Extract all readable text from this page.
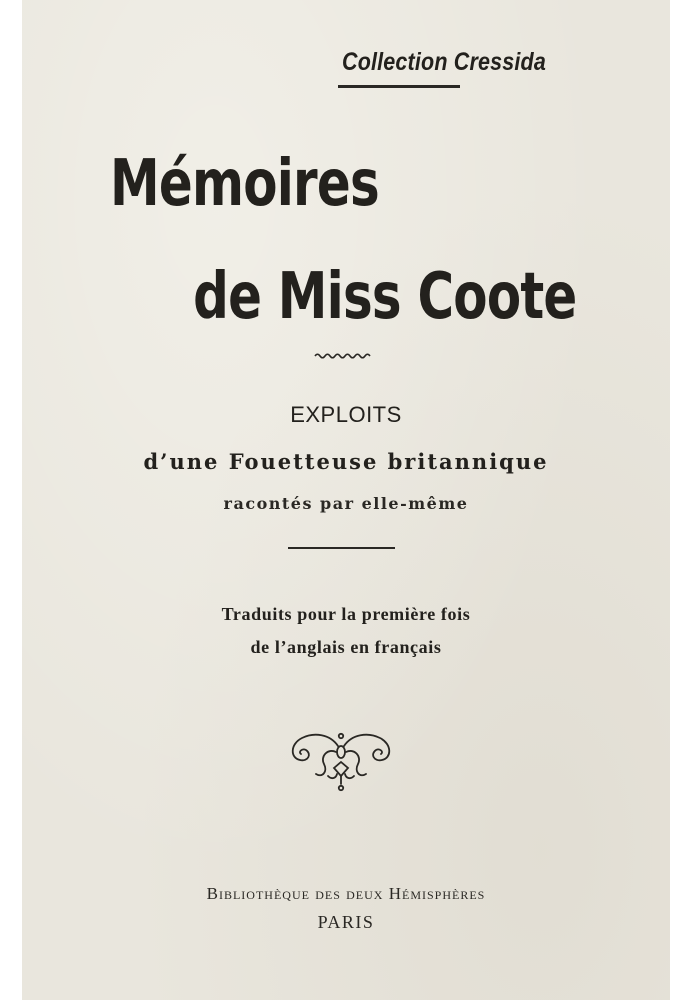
Collection Cressida
Mémoires
de Miss Coote
EXPLOITS
d’une Fouetteuse britannique
racontés par elle-même
Traduits pour la première fois
de l’anglais en français
Bibliothèque des deux Hémisphères
PARIS
